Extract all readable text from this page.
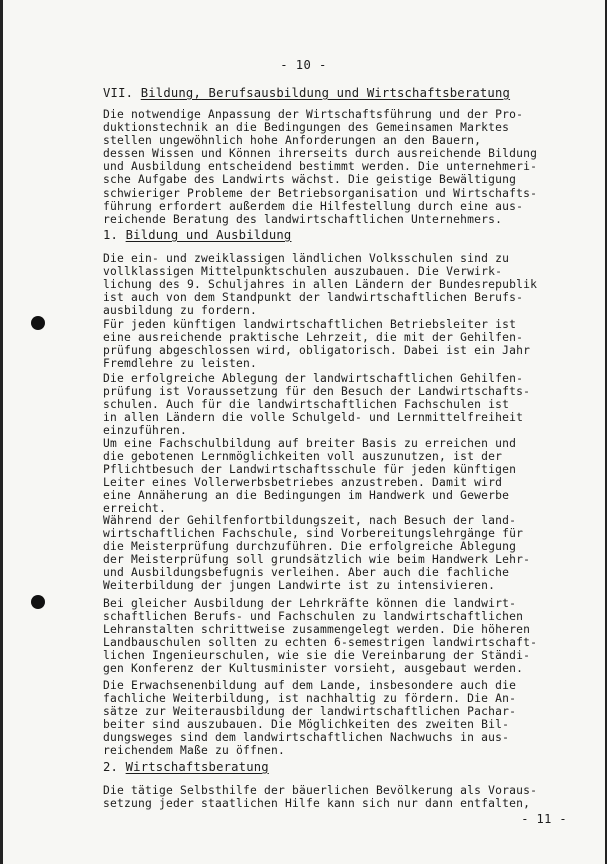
- 10 -
VII. Bildung, Berufsausbildung und Wirtschaftsberatung

Die notwendige Anpassung der Wirtschaftsführung und der Pro-
duktionstechnik an die Bedingungen des Gemeinsamen Marktes
stellen ungewöhnlich hohe Anforderungen an den Bauern,
dessen Wissen und Können ihrerseits durch ausreichende Bildung
und Ausbildung entscheidend bestimmt werden. Die unternehmeri-
sche Aufgabe des Landwirts wächst. Die geistige Bewältigung
schwieriger Probleme der Betriebsorganisation und Wirtschafts-
führung erfordert außerdem die Hilfestellung durch eine aus-
reichende Beratung des landwirtschaftlichen Unternehmers.

1. Bildung und Ausbildung

Die ein- und zweiklassigen ländlichen Volksschulen sind zu
vollklassigen Mittelpunktschulen auszubauen. Die Verwirk-
lichung des 9. Schuljahres in allen Ländern der Bundesrepublik
ist auch von dem Standpunkt der landwirtschaftlichen Berufs-
ausbildung zu fordern.

Für jeden künftigen landwirtschaftlichen Betriebsleiter ist
eine ausreichende praktische Lehrzeit, die mit der Gehilfen-
prüfung abgeschlossen wird, obligatorisch. Dabei ist ein Jahr
Fremdlehre zu leisten.

Die erfolgreiche Ablegung der landwirtschaftlichen Gehilfen-
prüfung ist Voraussetzung für den Besuch der Landwirtschafts-
schulen. Auch für die landwirtschaftlichen Fachschulen ist
in allen Ländern die volle Schulgeld- und Lernmittelfreiheit
einzuführen.

Um eine Fachschulbildung auf breiter Basis zu erreichen und
die gebotenen Lernmöglichkeiten voll auszunutzen, ist der
Pflichtbesuch der Landwirtschaftsschule für jeden künftigen
Leiter eines Vollerwerbsbetriebes anzustreben. Damit wird
eine Annäherung an die Bedingungen im Handwerk und Gewerbe
erreicht.

Während der Gehilfenfortbildungszeit, nach Besuch der land-
wirtschaftlichen Fachschule, sind Vorbereitungslehrgänge für
die Meisterprüfung durchzuführen. Die erfolgreiche Ablegung
der Meisterprüfung soll grundsätzlich wie beim Handwerk Lehr-
und Ausbildungsbefugnis verleihen. Aber auch die fachliche
Weiterbildung der jungen Landwirte ist zu intensivieren.

Bei gleicher Ausbildung der Lehrkräfte können die landwirt-
schaftlichen Berufs- und Fachschulen zu landwirtschaftlichen
Lehranstalten schrittweise zusammengelegt werden. Die höheren
Landbauschulen sollten zu echten 6-semestrigen landwirtschaft-
lichen Ingenieurschulen, wie sie die Vereinbarung der Ständi-
gen Konferenz der Kultusminister vorsieht, ausgebaut werden.

Die Erwachsenenbildung auf dem Lande, insbesondere auch die
fachliche Weiterbildung, ist nachhaltig zu fördern. Die An-
sätze zur Weiterausbildung der landwirtschaftlichen Pachar-
beiter sind auszubauen. Die Möglichkeiten des zweiten Bil-
dungsweges sind dem landwirtschaftlichen Nachwuchs in aus-
reichendem Maße zu öffnen.

2. Wirtschaftsberatung

Die tätige Selbsthilfe der bäuerlichen Bevölkerung als Voraus-
setzung jeder staatlichen Hilfe kann sich nur dann entfalten,

- 11 -
